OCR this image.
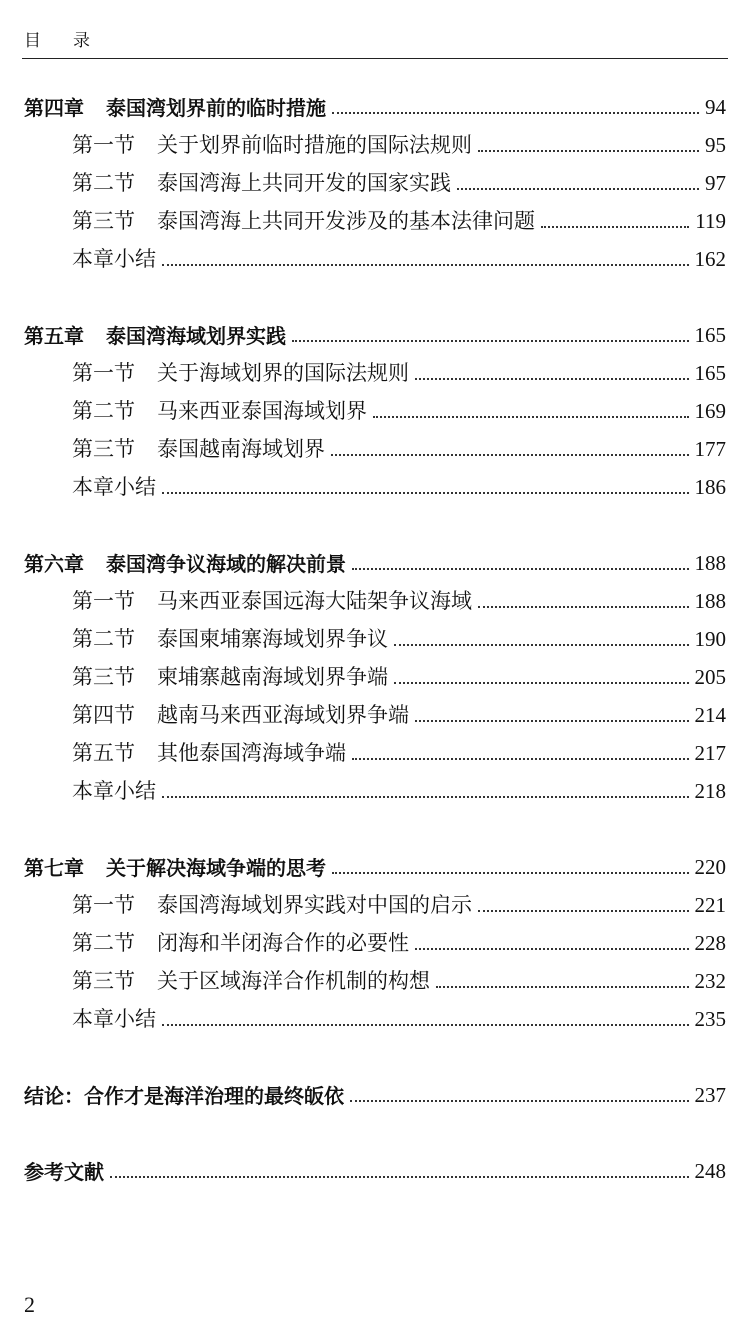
目 录
第四章 泰国湾划界前的临时措施	94
第一节 关于划界前临时措施的国际法规则	95
第二节 泰国湾海上共同开发的国家实践	97
第三节 泰国湾海上共同开发涉及的基本法律问题	119
本章小结	162
第五章 泰国湾海域划界实践	165
第一节 关于海域划界的国际法规则	165
第二节 马来西亚泰国海域划界	169
第三节 泰国越南海域划界	177
本章小结	186
第六章 泰国湾争议海域的解决前景	188
第一节 马来西亚泰国远海大陆架争议海域	188
第二节 泰国柬埔寨海域划界争议	190
第三节 柬埔寨越南海域划界争端	205
第四节 越南马来西亚海域划界争端	214
第五节 其他泰国湾海域争端	217
本章小结	218
第七章 关于解决海域争端的思考	220
第一节 泰国湾海域划界实践对中国的启示	221
第二节 闭海和半闭海合作的必要性	228
第三节 关于区域海洋合作机制的构想	232
本章小结	235
结论：合作才是海洋治理的最终皈依	237
参考文献	248
2
